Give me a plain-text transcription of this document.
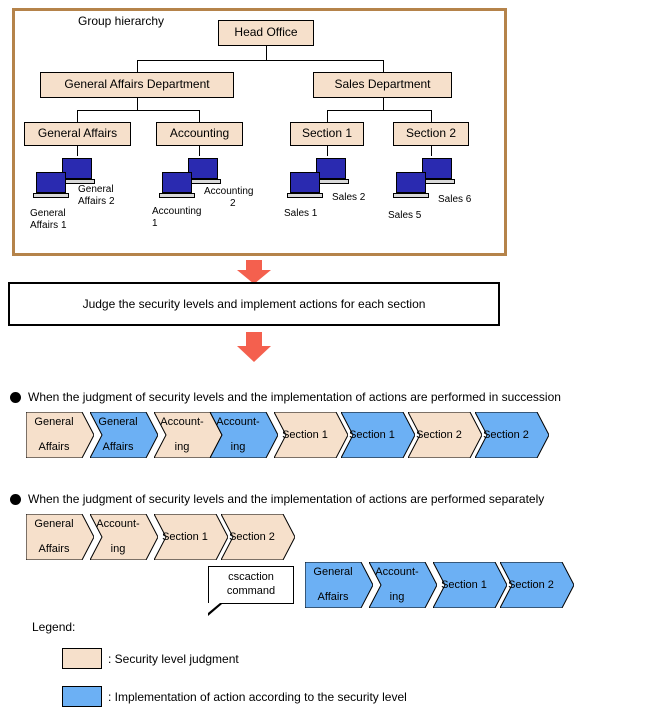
Group hierarchy
Head Office
General Affairs Department	Sales Department
General Affairs	Accounting	Section 1	Section 2
General
Affairs 2
General
Affairs 1
Accounting
2
Accounting
1
Sales 2
Sales 1
Sales 6
Sales 5
Judge the security levels and implement actions for each section
When the judgment of security levels and the implementation of actions are performed in succession
General

Affairs
General

Affairs
Account-

ing
Account-

ing
Section 1	Section 1	Section 2	Section 2
When the judgment of security levels and the implementation of actions are performed separately
General

Affairs
Account-

ing
Section 1	Section 2
cscaction
command
General

Affairs
Account-

ing
Section 1	Section 2
Legend:
: Security level judgment
: Implementation of action according to the security level
